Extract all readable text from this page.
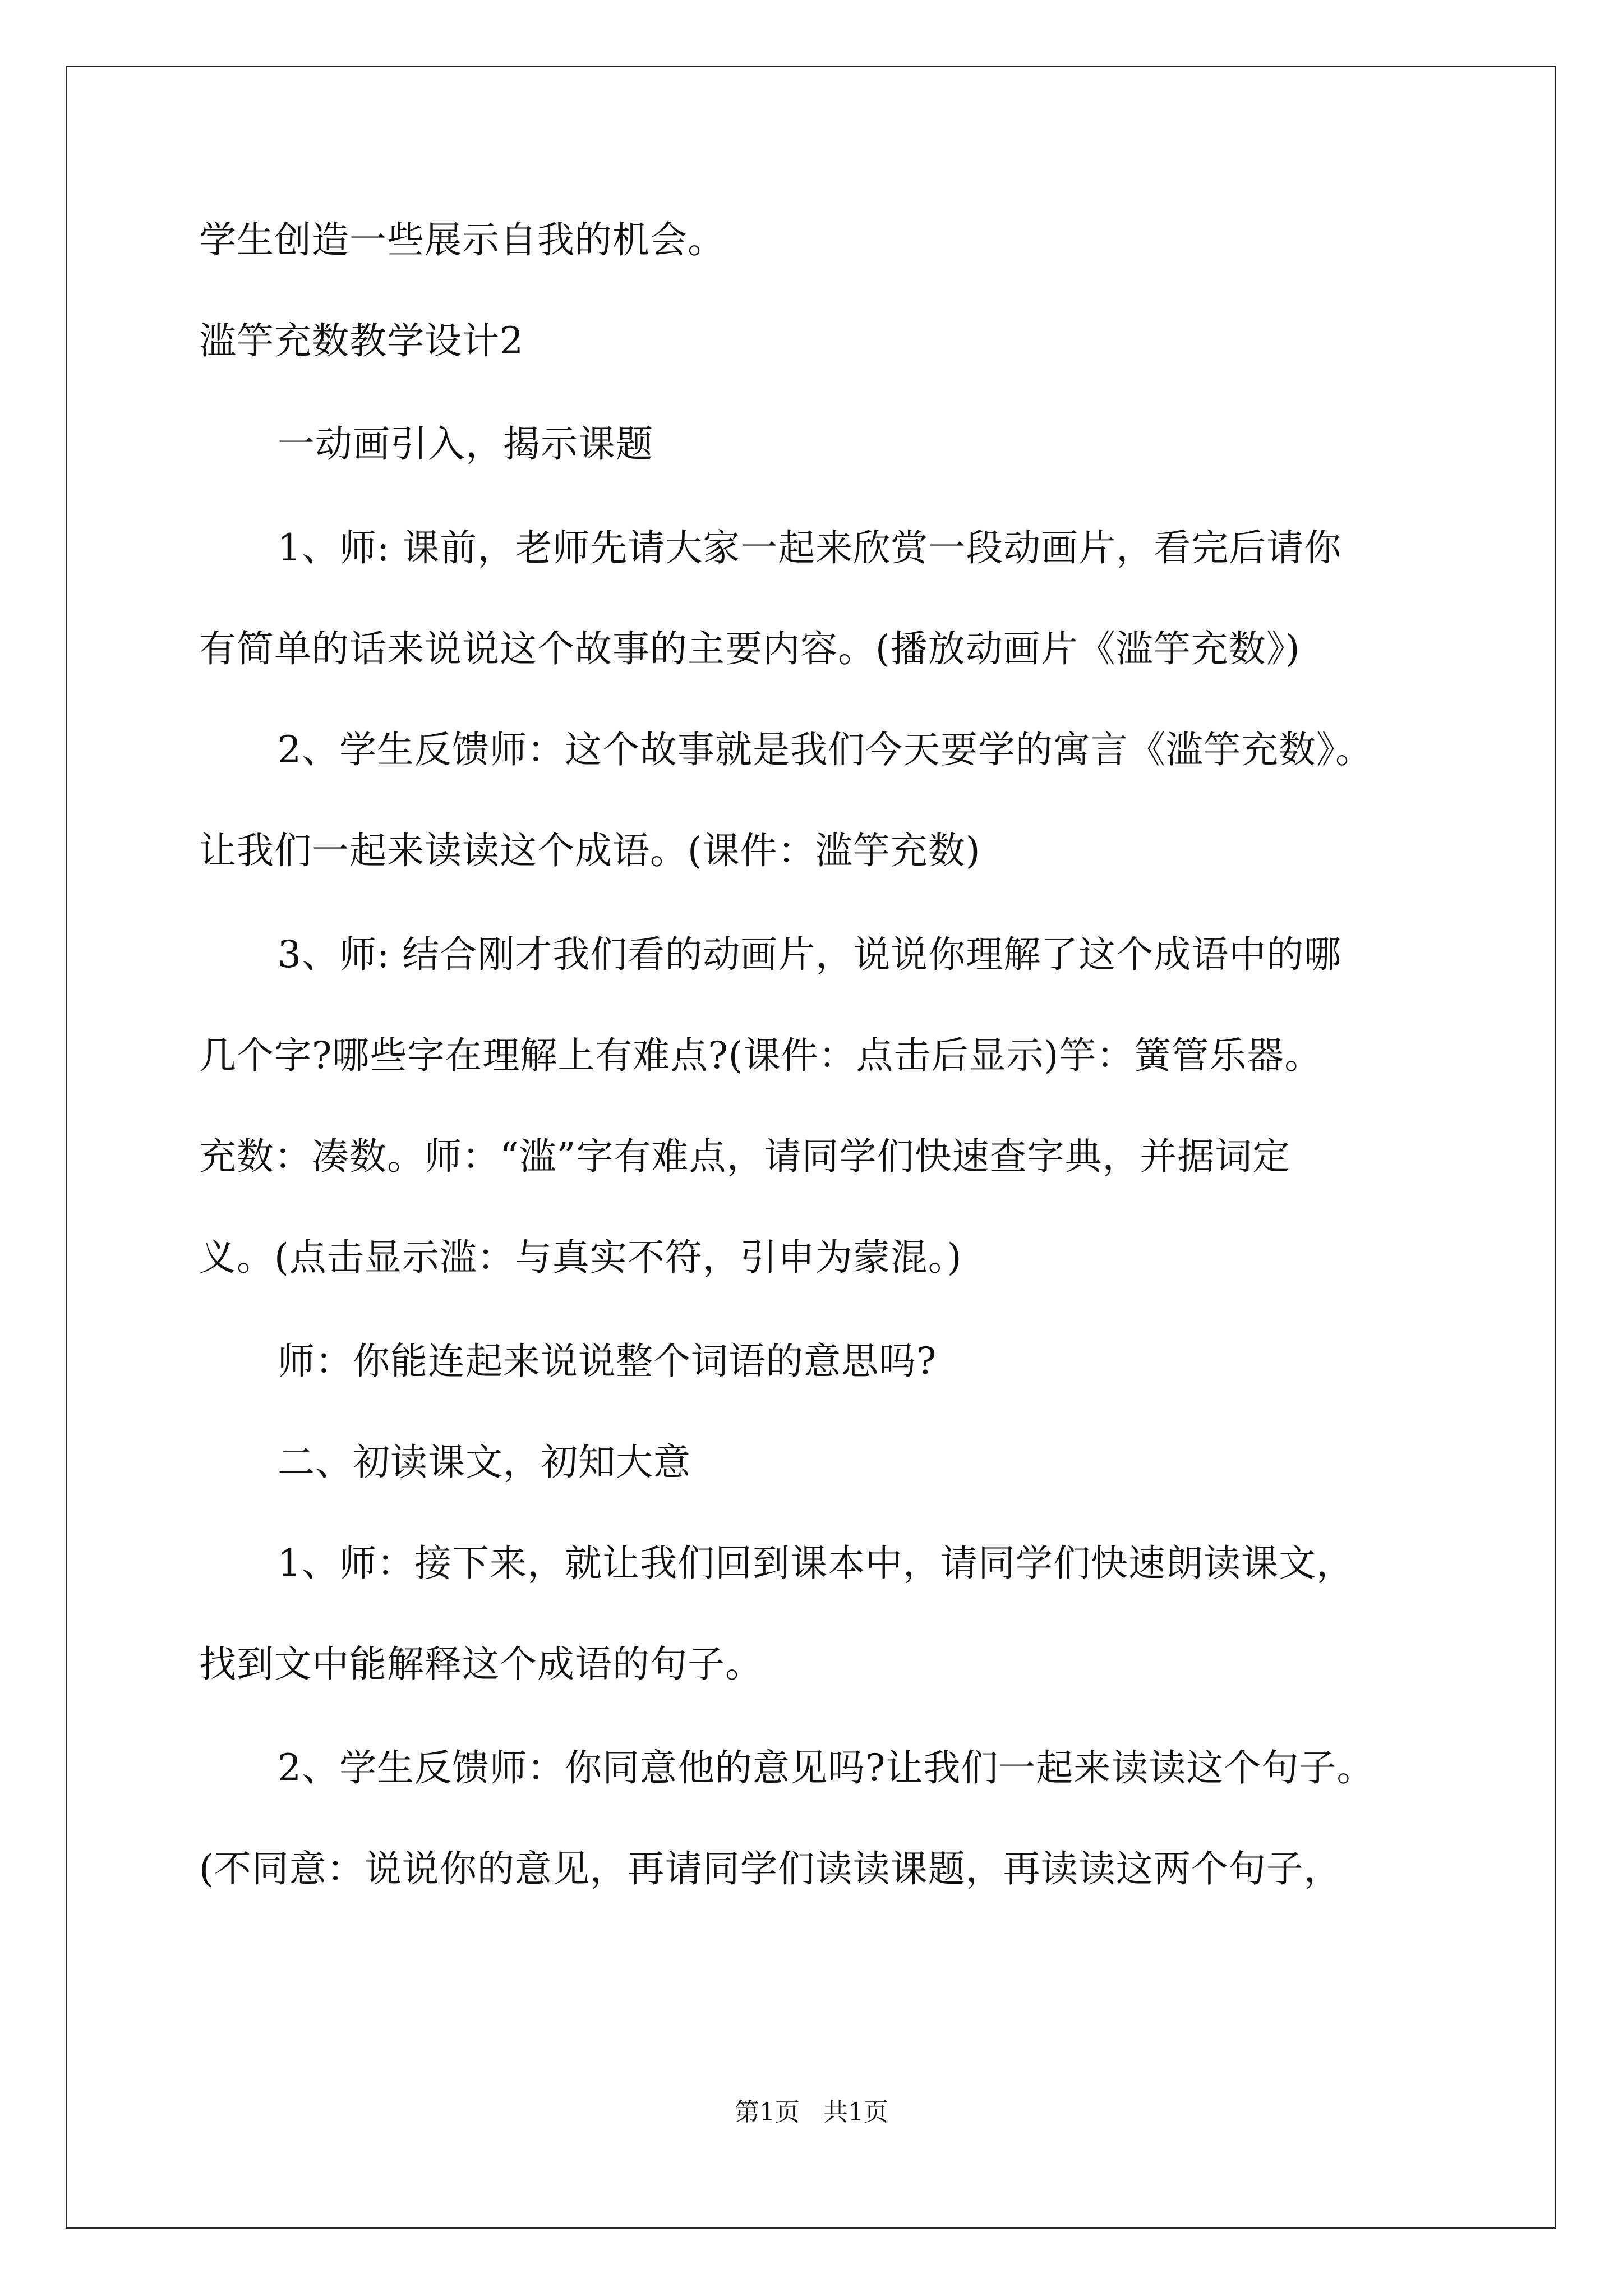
学生创造一些展示自我的机会。
滥竽充数教学设计2
一动画引入，揭示课题
1、师: 课前，老师先请大家一起来欣赏一段动画片，看完后请你
有简单的话来说说这个故事的主要内容。(播放动画片《滥竽充数》)
2、学生反馈师：这个故事就是我们今天要学的寓言《滥竽充数》。
让我们一起来读读这个成语。(课件：滥竽充数)
3、师: 结合刚才我们看的动画片，说说你理解了这个成语中的哪
几个字?哪些字在理解上有难点?(课件：点击后显示)竽：簧管乐器。
充数：凑数。师：“滥”字有难点，请同学们快速查字典，并据词定
义。(点击显示滥：与真实不符，引申为蒙混。)
师：你能连起来说说整个词语的意思吗?
二、初读课文，初知大意
1、师：接下来，就让我们回到课本中，请同学们快速朗读课文，
找到文中能解释这个成语的句子。
2、学生反馈师：你同意他的意见吗?让我们一起来读读这个句子。
(不同意：说说你的意见，再请同学们读读课题，再读读这两个句子，
第1页   共1页
